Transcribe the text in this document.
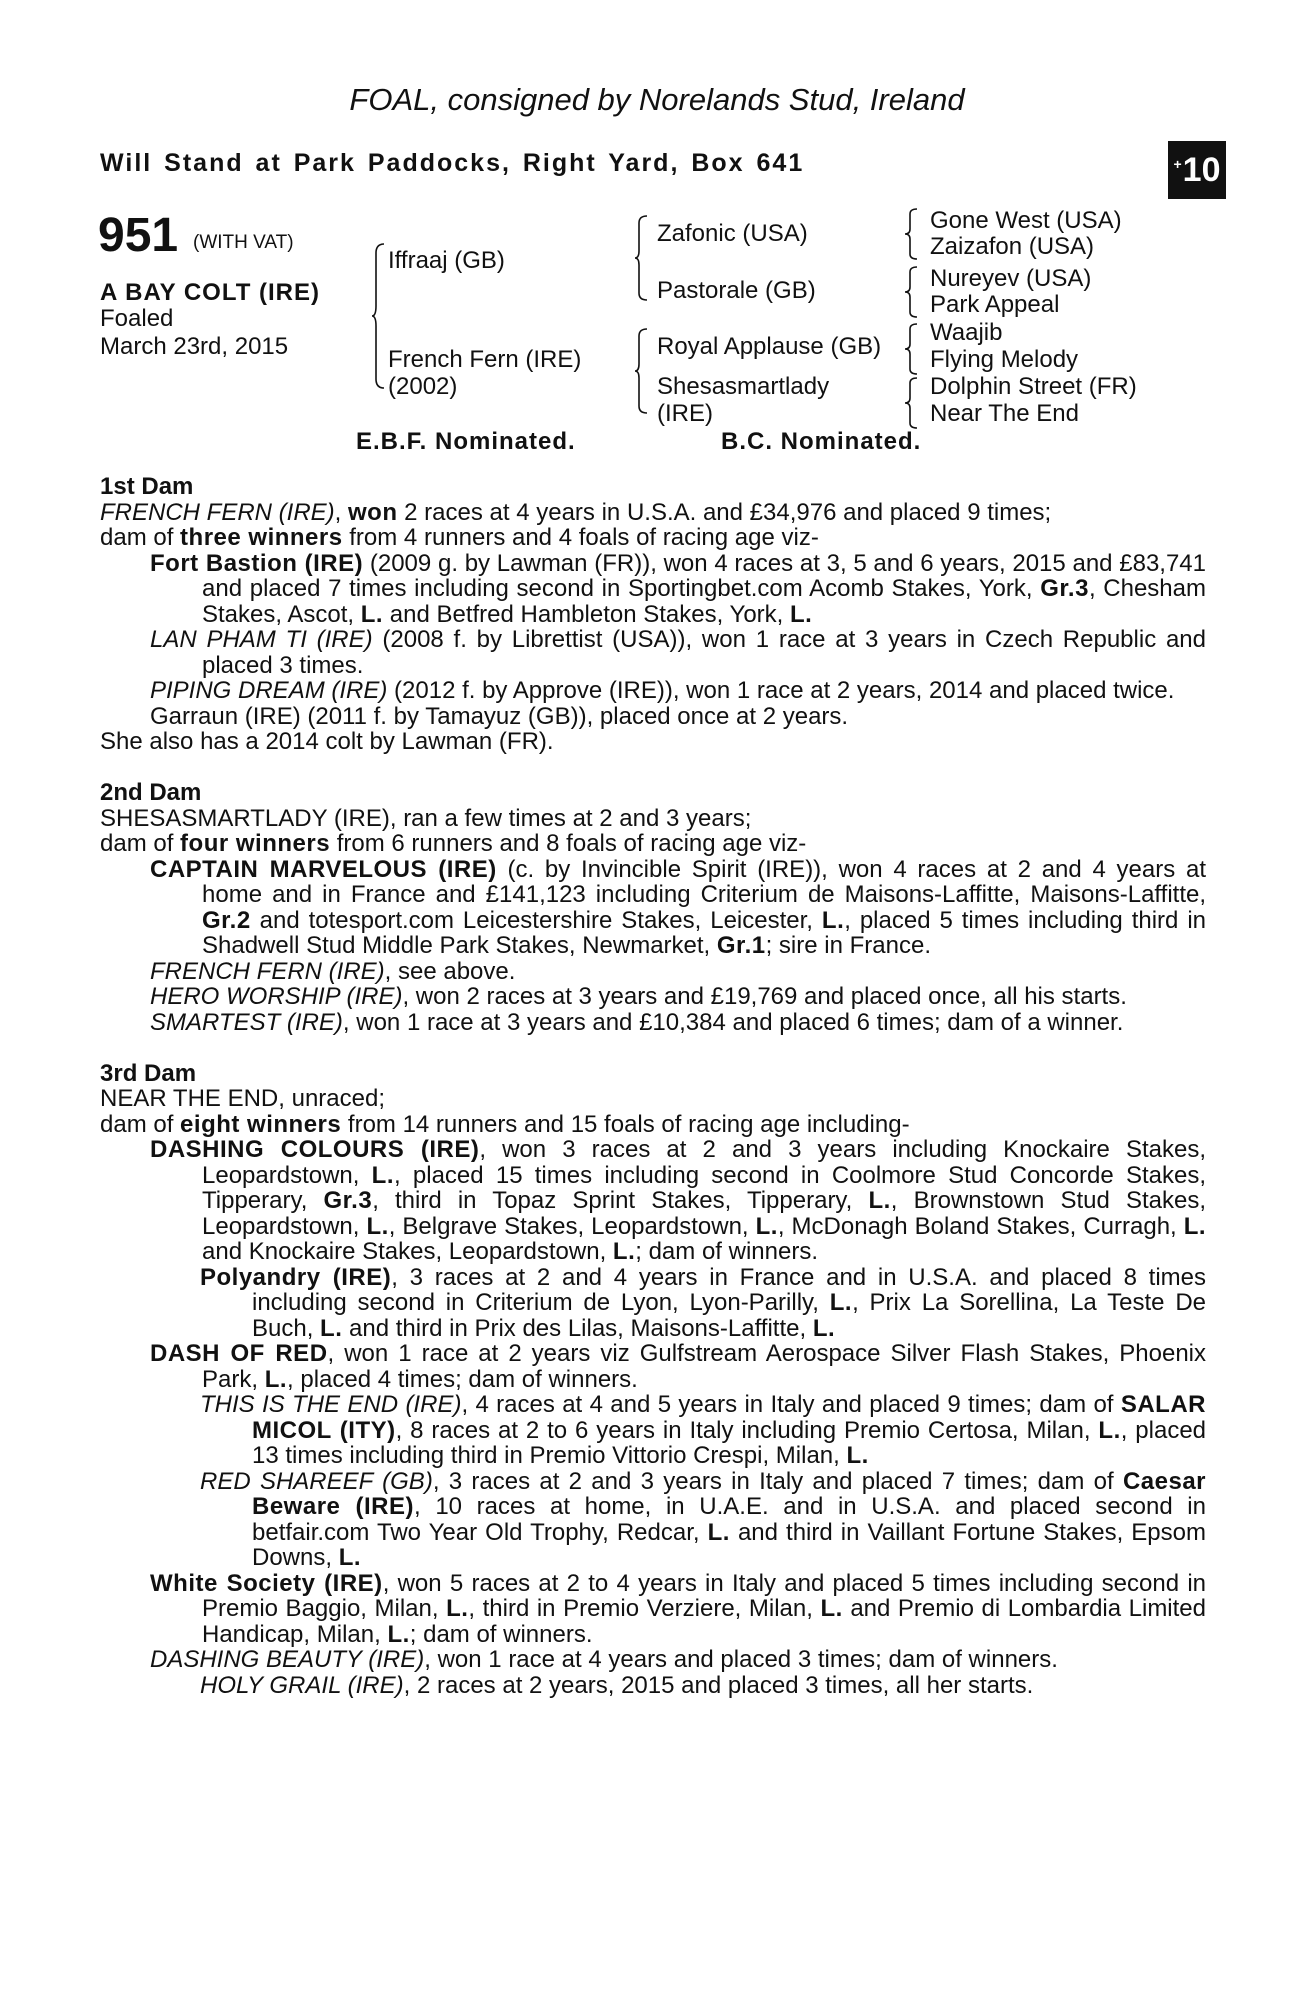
FOAL, consigned by Norelands Stud, Ireland
Will Stand at Park Paddocks, Right Yard, Box 641	+ 10
951 (WITH VAT)
A BAY COLT (IRE)
Foaled
March 23rd, 2015
Iffraaj (GB)
French Fern (IRE)
(2002)
Zafonic (USA)
Pastorale (GB)
Royal Applause (GB)
Shesasmartlady
(IRE)
Gone West (USA)
Zaizafon (USA)
Nureyev (USA)
Park Appeal
Waajib
Flying Melody
Dolphin Street (FR)
Near The End
E.B.F. Nominated.	B.C. Nominated.

1st Dam

FRENCH FERN (IRE), won 2 races at 4 years in U.S.A. and £34,976 and placed 9 times;

dam of three winners from 4 runners and 4 foals of racing age viz-

Fort Bastion (IRE) (2009 g. by Lawman (FR)), won 4 races at 3, 5 and 6 years, 2015 and £83,741 and placed 7 times including second in Sportingbet.com Acomb Stakes, York, Gr.3, Chesham Stakes, Ascot, L. and Betfred Hambleton Stakes, York, L.

LAN PHAM TI (IRE) (2008 f. by Librettist (USA)), won 1 race at 3 years in Czech Republic and placed 3 times.

PIPING DREAM (IRE) (2012 f. by Approve (IRE)), won 1 race at 2 years, 2014 and placed twice.

Garraun (IRE) (2011 f. by Tamayuz (GB)), placed once at 2 years.

She also has a 2014 colt by Lawman (FR).

2nd Dam

SHESASMARTLADY (IRE), ran a few times at 2 and 3 years;

dam of four winners from 6 runners and 8 foals of racing age viz-

CAPTAIN MARVELOUS (IRE) (c. by Invincible Spirit (IRE)), won 4 races at 2 and 4 years at home and in France and £141,123 including Criterium de Maisons-Laffitte, Maisons-Laffitte, Gr.2 and totesport.com Leicestershire Stakes, Leicester, L., placed 5 times including third in Shadwell Stud Middle Park Stakes, Newmarket, Gr.1; sire in France.

FRENCH FERN (IRE), see above.

HERO WORSHIP (IRE), won 2 races at 3 years and £19,769 and placed once, all his starts.

SMARTEST (IRE), won 1 race at 3 years and £10,384 and placed 6 times; dam of a winner.

3rd Dam

NEAR THE END, unraced;

dam of eight winners from 14 runners and 15 foals of racing age including-

DASHING COLOURS (IRE), won 3 races at 2 and 3 years including Knockaire Stakes, Leopardstown, L., placed 15 times including second in Coolmore Stud Concorde Stakes, Tipperary, Gr.3, third in Topaz Sprint Stakes, Tipperary, L., Brownstown Stud Stakes, Leopardstown, L., Belgrave Stakes, Leopardstown, L., McDonagh Boland Stakes, Curragh, L. and Knockaire Stakes, Leopardstown, L.; dam of winners.

Polyandry (IRE), 3 races at 2 and 4 years in France and in U.S.A. and placed 8 times including second in Criterium de Lyon, Lyon-Parilly, L., Prix La Sorellina, La Teste De Buch, L. and third in Prix des Lilas, Maisons-Laffitte, L.

DASH OF RED, won 1 race at 2 years viz Gulfstream Aerospace Silver Flash Stakes, Phoenix Park, L., placed 4 times; dam of winners.

THIS IS THE END (IRE), 4 races at 4 and 5 years in Italy and placed 9 times; dam of SALAR MICOL (ITY), 8 races at 2 to 6 years in Italy including Premio Certosa, Milan, L., placed 13 times including third in Premio Vittorio Crespi, Milan, L.

RED SHAREEF (GB), 3 races at 2 and 3 years in Italy and placed 7 times; dam of Caesar Beware (IRE), 10 races at home, in U.A.E. and in U.S.A. and placed second in betfair.com Two Year Old Trophy, Redcar, L. and third in Vaillant Fortune Stakes, Epsom Downs, L.

White Society (IRE), won 5 races at 2 to 4 years in Italy and placed 5 times including second in Premio Baggio, Milan, L., third in Premio Verziere, Milan, L. and Premio di Lombardia Limited Handicap, Milan, L.; dam of winners.

DASHING BEAUTY (IRE), won 1 race at 4 years and placed 3 times; dam of winners.

HOLY GRAIL (IRE), 2 races at 2 years, 2015 and placed 3 times, all her starts.
